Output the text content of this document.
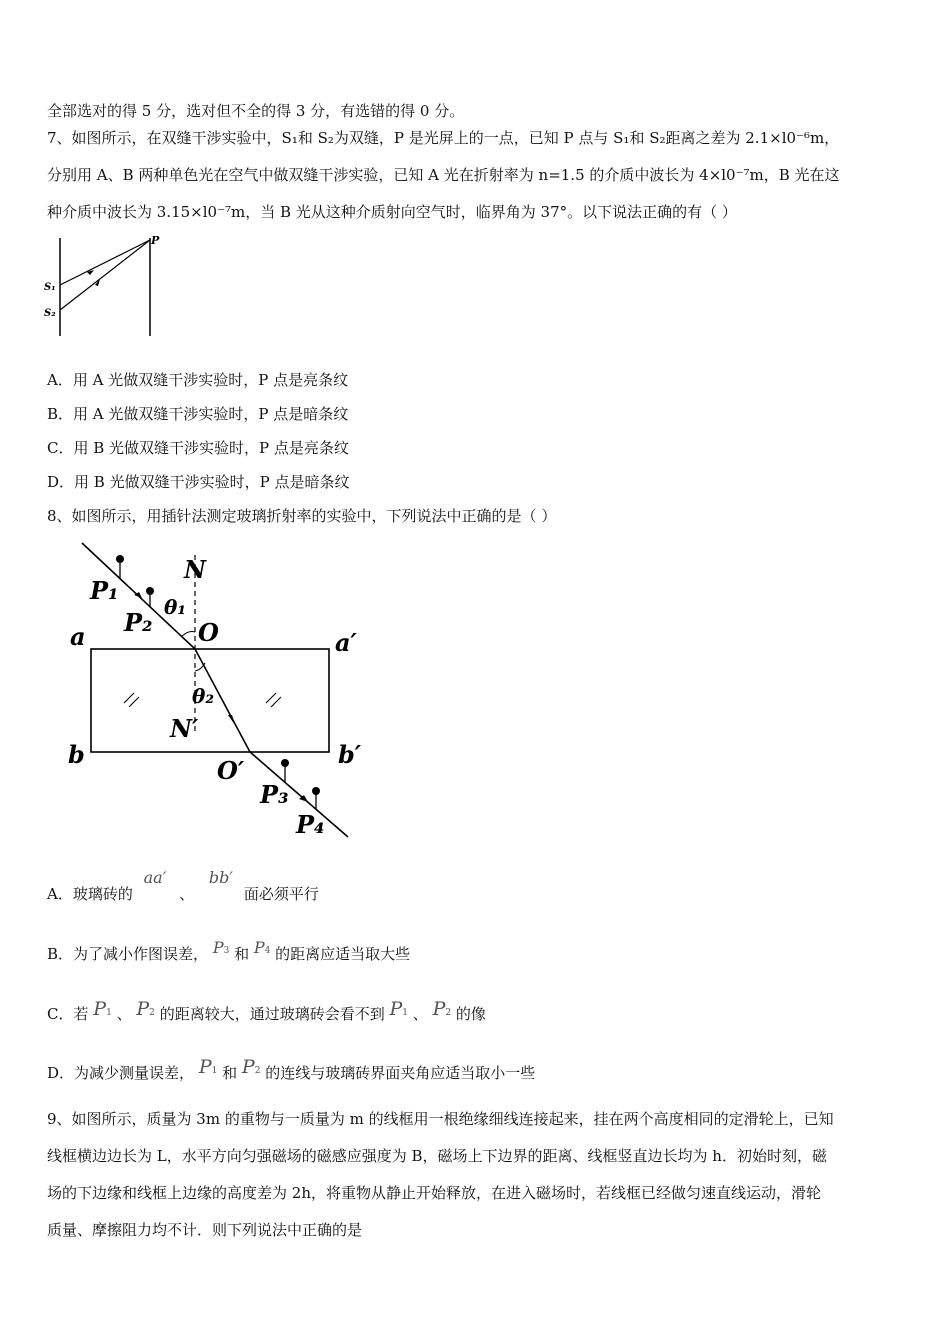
全部选对的得 5 分，选对但不全的得 3 分，有选错的得 0 分。
7、如图所示，在双缝干涉实验中，S₁和 S₂为双缝，P 是光屏上的一点，已知 P 点与 S₁和 S₂距离之差为 2.1×l0⁻⁶m，
分别用 A、B 两种单色光在空气中做双缝干涉实验，已知 A 光在折射率为 n=1.5 的介质中波长为 4×l0⁻⁷m，B 光在这
种介质中波长为 3.15×l0⁻⁷m，当 B 光从这种介质射向空气时，临界角为 37°。以下说法正确的有（ ）
P
S₁
S₂
A．用 A 光做双缝干涉实验时，P 点是亮条纹
B．用 A 光做双缝干涉实验时，P 点是暗条纹
C．用 B 光做双缝干涉实验时，P 点是亮条纹
D．用 B 光做双缝干涉实验时，P 点是暗条纹
8、如图所示，用插针法测定玻璃折射率的实验中，下列说法中正确的是（ ）
P₁
P₂
P₃
P₄
N
N′
O
O′
a	a′
b	b′
θ₁
θ₂
A．玻璃砖的 aa′ 、 bb′ 面必须平行
B．为了减小作图误差， P3 和 P4 的距离应适当取大些
C．若 P1 、 P2 的距离较大，通过玻璃砖会看不到 P1 、 P2 的像
D．为减少测量误差， P1 和 P2 的连线与玻璃砖界面夹角应适当取小一些
9、如图所示，质量为 3m 的重物与一质量为 m 的线框用一根绝缘细线连接起来，挂在两个高度相同的定滑轮上，已知
线框横边边长为 L，水平方向匀强磁场的磁感应强度为 B，磁场上下边界的距离、线框竖直边长均为 h．初始时刻，磁
场的下边缘和线框上边缘的高度差为 2h，将重物从静止开始释放，在进入磁场时，若线框已经做匀速直线运动，滑轮
质量、摩擦阻力均不计．则下列说法中正确的是
